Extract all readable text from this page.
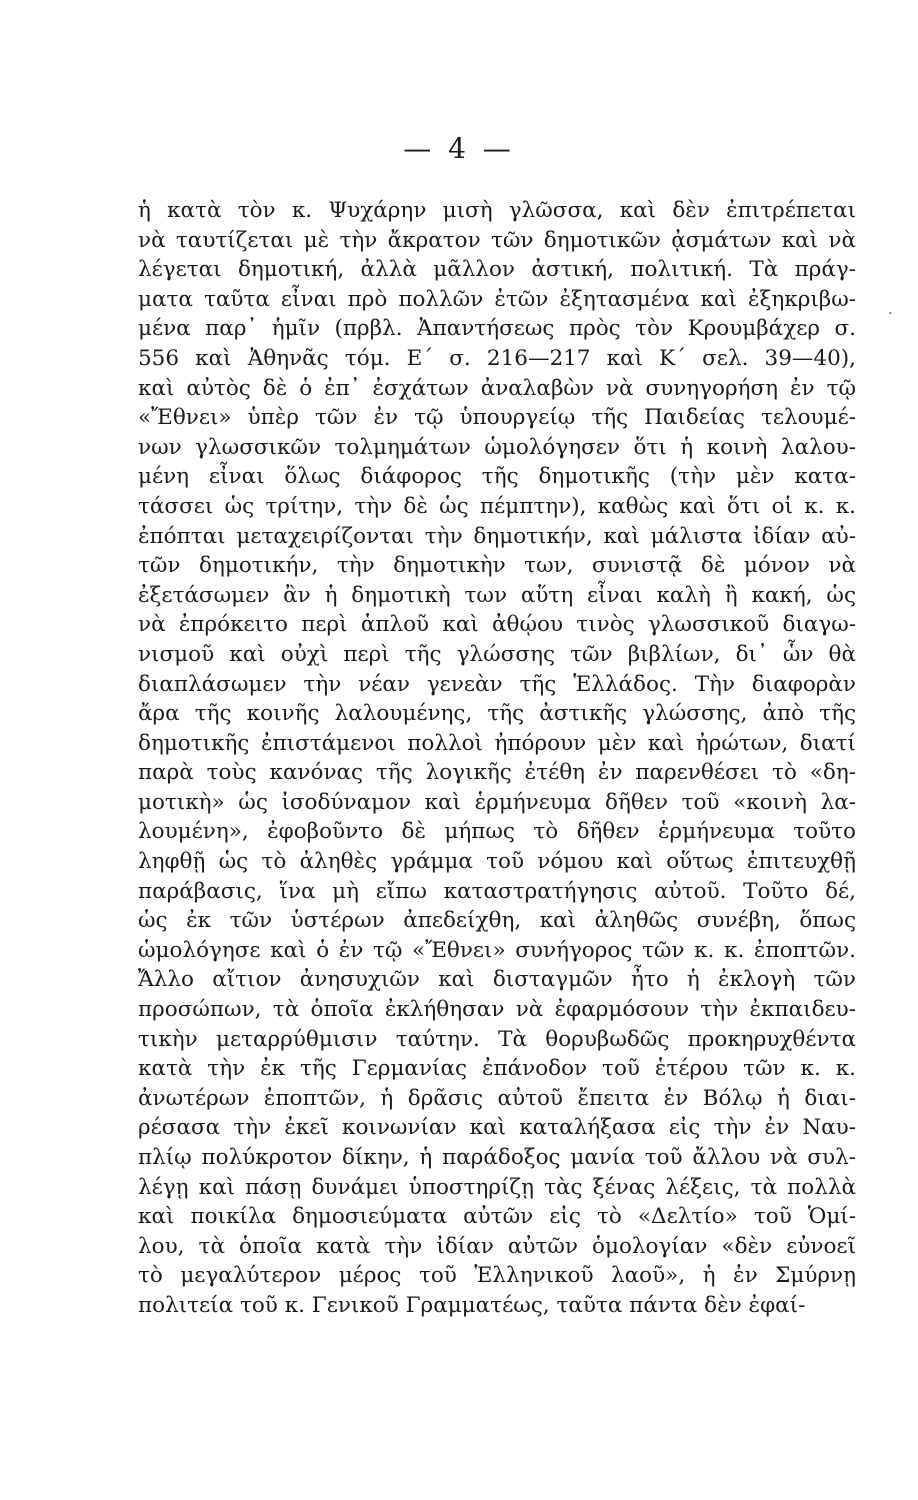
— 4 —
.
ἡ κατὰ τὸν κ. Ψυχάρην μισὴ γλῶσσα, καὶ δὲν ἐπιτρέπεται
νὰ ταυτίζεται μὲ τὴν ἄκρατον τῶν δημοτικῶν ᾀσμάτων καὶ νὰ
λέγεται δημοτική, ἀλλὰ μᾶλλον ἀστική, πολιτική. Τὰ πράγ-
ματα ταῦτα εἶναι πρὸ πολλῶν ἐτῶν ἐξητασμένα καὶ ἐξηκριβω-
μένα παρ᾽ ἡμῖν (πρβλ. Ἀπαντήσεως πρὸς τὸν Κρουμβάχερ σ.
556 καὶ Ἀθηνᾶς τόμ. Ε΄ σ. 216—217 καὶ Κ΄ σελ. 39—40),
καὶ αὐτὸς δὲ ὁ ἐπ᾽ ἐσχάτων ἀναλαβὼν νὰ συνηγορήση ἐν τῷ
«Ἔθνει» ὑπὲρ τῶν ἐν τῷ ὑπουργείῳ τῆς Παιδείας τελουμέ-
νων γλωσσικῶν τολμημάτων ὡμολόγησεν ὅτι ἡ κοινὴ λαλου-
μένη εἶναι ὅλως διάφορος τῆς δημοτικῆς (τὴν μὲν κατα-
τάσσει ὡς τρίτην, τὴν δὲ ὡς πέμπτην), καθὼς καὶ ὅτι οἱ κ. κ.
ἐπόπται μεταχειρίζονται τὴν δημοτικήν, καὶ μάλιστα ἰδίαν αὐ-
τῶν δημοτικήν, τὴν δημοτικὴν των, συνιστᾷ δὲ μόνον νὰ
ἐξετάσωμεν ἂν ἡ δημοτικὴ των αὕτη εἶναι καλὴ ἢ κακή, ὡς
νὰ ἐπρόκειτο περὶ ἁπλοῦ καὶ ἀθῴου τινὸς γλωσσικοῦ διαγω-
νισμοῦ καὶ οὐχὶ περὶ τῆς γλώσσης τῶν βιβλίων, δι᾽ ὧν θὰ
διαπλάσωμεν τὴν νέαν γενεὰν τῆς Ἑλλάδος. Τὴν διαφορὰν
ἄρα τῆς κοινῆς λαλουμένης, τῆς ἀστικῆς γλώσσης, ἀπὸ τῆς
δημοτικῆς ἐπιστάμενοι πολλοὶ ἠπόρουν μὲν καὶ ἠρώτων, διατί
παρὰ τοὺς κανόνας τῆς λογικῆς ἐτέθη ἐν παρενθέσει τὸ «δη-
μοτικὴ» ὡς ἰσοδύναμον καὶ ἑρμήνευμα δῆθεν τοῦ «κοινὴ λα-
λουμένη», ἐφοβοῦντο δὲ μήπως τὸ δῆθεν ἑρμήνευμα τοῦτο
ληφθῇ ὡς τὸ ἀληθὲς γράμμα τοῦ νόμου καὶ οὕτως ἐπιτευχθῇ
παράβασις, ἵνα μὴ εἴπω καταστρατήγησις αὐτοῦ. Τοῦτο δέ,
ὡς ἐκ τῶν ὑστέρων ἀπεδείχθη, καὶ ἀληθῶς συνέβη, ὅπως
ὡμολόγησε καὶ ὁ ἐν τῷ «Ἔθνει» συνήγορος τῶν κ. κ. ἐποπτῶν.
Ἄλλο αἴτιον ἀνησυχιῶν καὶ δισταγμῶν ἦτο ἡ ἐκλογὴ τῶν
προσώπων, τὰ ὁποῖα ἐκλήθησαν νὰ ἐφαρμόσουν τὴν ἐκπαιδευ-
τικὴν μεταρρύθμισιν ταύτην. Τὰ θορυβωδῶς προκηρυχθέντα
κατὰ τὴν ἐκ τῆς Γερμανίας ἐπάνοδον τοῦ ἑτέρου τῶν κ. κ.
ἀνωτέρων ἐποπτῶν, ἡ δρᾶσις αὐτοῦ ἔπειτα ἐν Βόλῳ ἡ διαι-
ρέσασα τὴν ἐκεῖ κοινωνίαν καὶ καταλήξασα εἰς τὴν ἐν Ναυ-
πλίῳ πολύκροτον δίκην, ἡ παράδοξος μανία τοῦ ἄλλου νὰ συλ-
λέγῃ καὶ πάσῃ δυνάμει ὑποστηρίζῃ τὰς ξένας λέξεις, τὰ πολλὰ
καὶ ποικίλα δημοσιεύματα αὐτῶν εἰς τὸ «Δελτίο» τοῦ Ὁμί-
λου, τὰ ὁποῖα κατὰ τὴν ἰδίαν αὐτῶν ὁμολογίαν «δὲν εὐνοεῖ
τὸ μεγαλύτερον μέρος τοῦ Ἑλληνικοῦ λαοῦ», ἡ ἐν Σμύρνῃ
πολιτεία τοῦ κ. Γενικοῦ Γραμματέως, ταῦτα πάντα δὲν ἐφαί-
